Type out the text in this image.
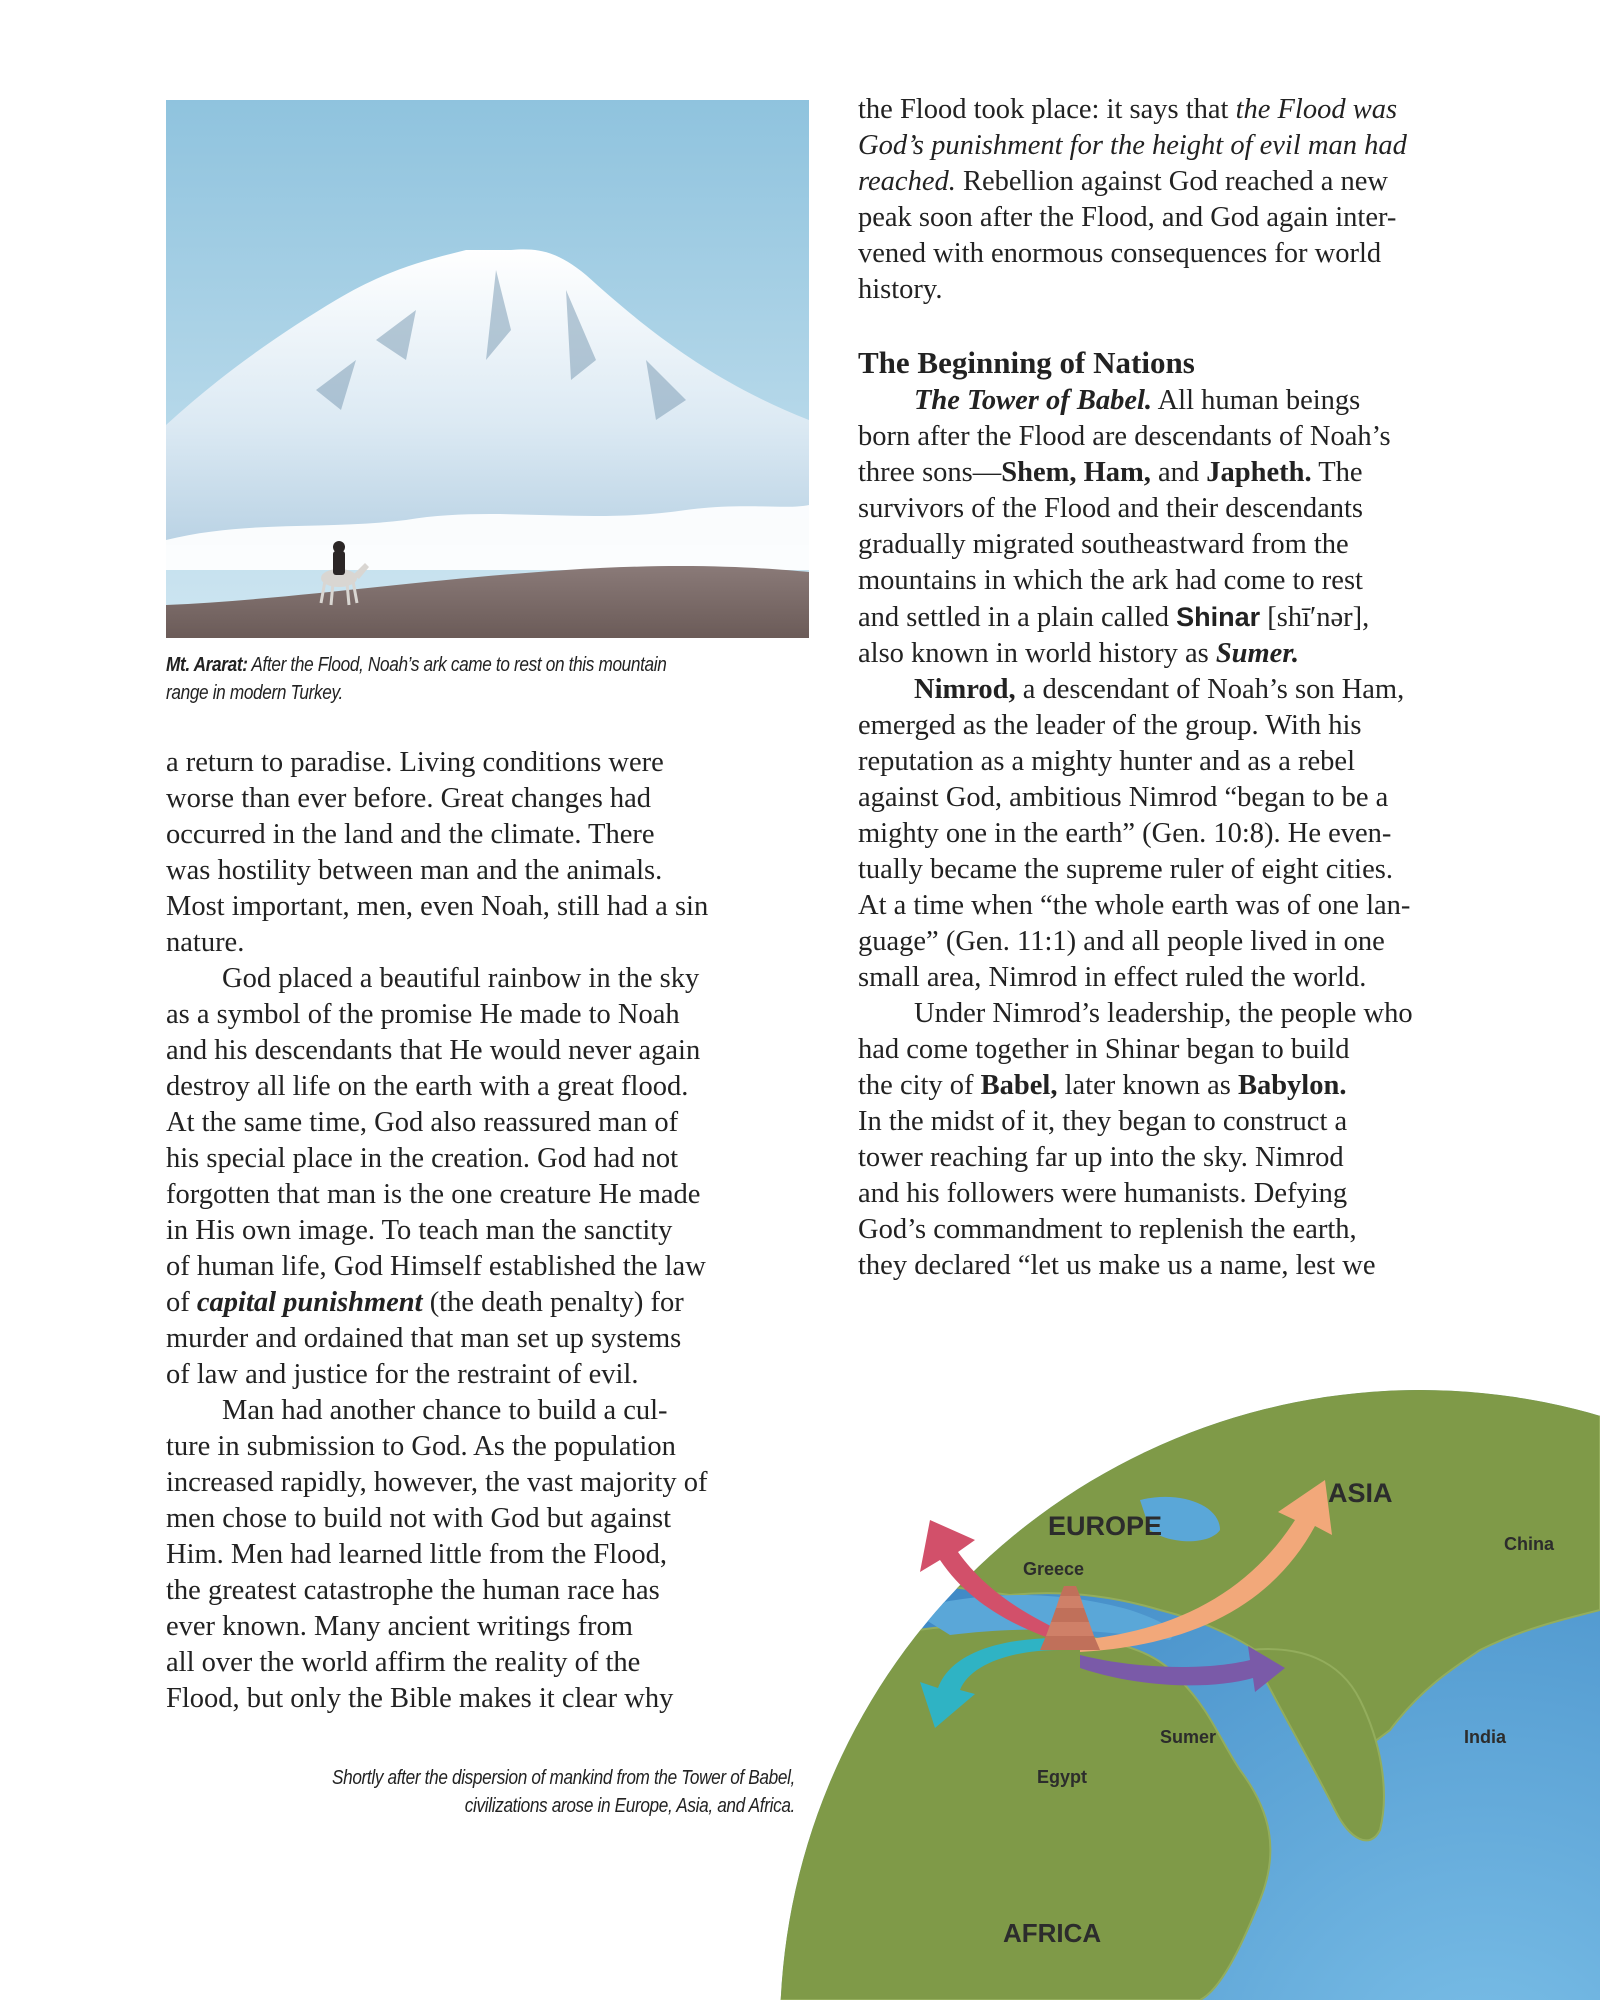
Mt. Ararat: After the Flood, Noah’s ark came to rest on this mountain
range in modern Turkey.

a return to paradise. Living conditions were
worse than ever before. Great changes had
occurred in the land and the climate. There
was hostility between man and the animals.
Most important, men, even Noah, still had a sin
nature.

God placed a beautiful rainbow in the sky
as a symbol of the promise He made to Noah
and his descendants that He would never again
destroy all life on the earth with a great flood.
At the same time, God also reassured man of
his special place in the creation. God had not
forgotten that man is the one creature He made
in His own image. To teach man the sanctity
of human life, God Himself established the law
of capital punishment (the death penalty) for
murder and ordained that man set up systems
of law and justice for the restraint of evil.

Man had another chance to build a cul-
ture in submission to God. As the population
increased rapidly, however, the vast majority of
men chose to build not with God but against
Him. Men had learned little from the Flood,
the greatest catastrophe the human race has
ever known. Many ancient writings from
all over the world affirm the reality of the
Flood, but only the Bible makes it clear why

the Flood took place: it says that the Flood was
God’s punishment for the height of evil man had
reached. Rebellion against God reached a new
peak soon after the Flood, and God again inter-
vened with enormous consequences for world
history.
The Beginning of Nations
The Tower of Babel. All human beings
born after the Flood are descendants of Noah’s
three sons—Shem, Ham, and Japheth. The
survivors of the Flood and their descendants
gradually migrated southeastward from the
mountains in which the ark had come to rest
and settled in a plain called Shinar [shī′nər],
also known in world history as Sumer.
Nimrod, a descendant of Noah’s son Ham,
emerged as the leader of the group. With his
reputation as a mighty hunter and as a rebel
against God, ambitious Nimrod “began to be a
mighty one in the earth” (Gen. 10:8). He even-
tually became the supreme ruler of eight cities.
At a time when “the whole earth was of one lan-
guage” (Gen. 11:1) and all people lived in one
small area, Nimrod in effect ruled the world.
Under Nimrod’s leadership, the people who
had come together in Shinar began to build
the city of Babel, later known as Babylon.
In the midst of it, they began to construct a
tower reaching far up into the sky. Nimrod
and his followers were humanists. Defying
God’s commandment to replenish the earth,
they declared “let us make us a name, lest we
Shortly after the dispersion of mankind from the Tower of Babel,
civilizations arose in Europe, Asia, and Africa.
ASIA
EUROPE
AFRICA
Greece
China
Sumer	India
Egypt
